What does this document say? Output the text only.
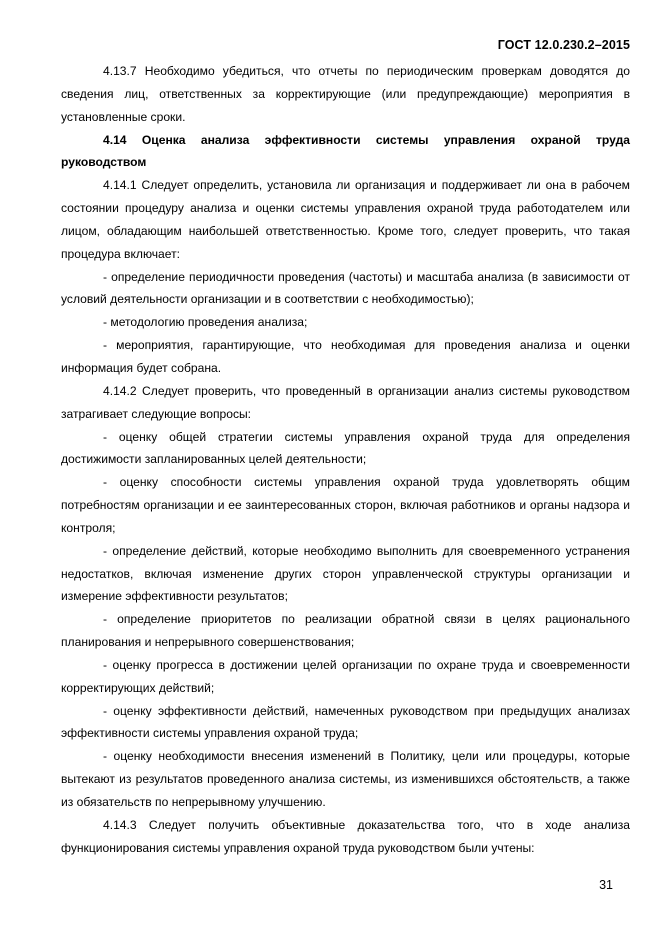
ГОСТ 12.0.230.2–2015

4.13.7 Необходимо убедиться, что отчеты по периодическим проверкам доводятся до сведения лиц, ответственных за корректирующие (или предупреждающие) мероприятия в установленные сроки.

4.14 Оценка анализа эффективности системы управления охраной труда руководством

4.14.1 Следует определить, установила ли организация и поддерживает ли она в рабочем состоянии процедуру анализа и оценки системы управления охраной труда работодателем или лицом, обладающим наибольшей ответственностью. Кроме того, следует проверить, что такая процедура включает:

- определение периодичности проведения (частоты) и масштаба анализа (в зависимости от условий деятельности организации и в соответствии с необходимостью);

- методологию проведения анализа;

- мероприятия, гарантирующие, что необходимая для проведения анализа и оценки информация будет собрана.

4.14.2 Следует проверить, что проведенный в организации анализ системы руководством затрагивает следующие вопросы:

- оценку общей стратегии системы управления охраной труда для определения достижимости запланированных целей деятельности;

- оценку способности системы управления охраной труда удовлетворять общим потребностям организации и ее заинтересованных сторон, включая работников и органы надзора и контроля;

- определение действий, которые необходимо выполнить для своевременного устранения недостатков, включая изменение других сторон управленческой структуры организации и измерение эффективности результатов;

- определение приоритетов по реализации обратной связи в целях рационального планирования и непрерывного совершенствования;

- оценку прогресса в достижении целей организации по охране труда и своевременности корректирующих действий;

- оценку эффективности действий, намеченных руководством при предыдущих анализах эффективности системы управления охраной труда;

- оценку необходимости внесения изменений в Политику, цели или процедуры, которые вытекают из результатов проведенного анализа системы, из изменившихся обстоятельств, а также из обязательств по непрерывному улучшению.

4.14.3 Следует получить объективные доказательства того, что в ходе анализа функционирования системы управления охраной труда руководством были учтены:

31
